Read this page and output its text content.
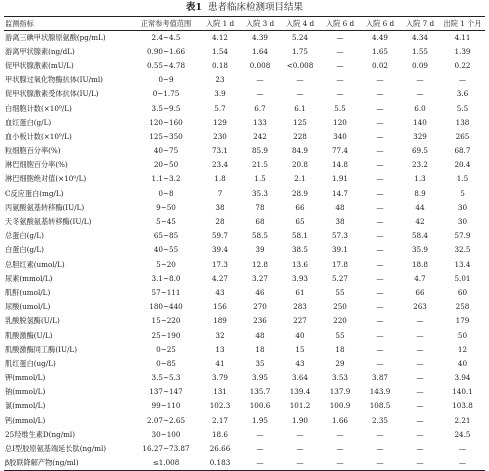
表1 患者临床检测项目结果
监测指标	正常参考值范围	入院 1 d	入院 3 d	入院 4 d	入院 6 d	入院 6 d	入院 7 d	出院 1 个月
游离三碘甲状腺原氨酸(pg/mL)	2.4~4.5	4.12	4.39	5.24	—	4.49	4.34	4.11
游离甲状腺素(ng/dL)	0.90~1.66	1.54	1.64	1.75	—	1.65	1.55	1.39
促甲状腺激素(mU/L)	0.55~4.78	0.18	0.008	<0.008	—	0.02	0.09	0.22
甲状腺过氧化物酶抗体(IU/ml)	0~9	23	—	—	—	—	—	—
促甲状腺激素受体抗体(IU/L)	0~1.75	3.9	—	—	—	—	—	3.6
白细胞计数(×10⁹/L)	3.5~9.5	5.7	6.7	6.1	5.5	—	6.0	5.5
血红蛋白(g/L)	120~160	129	133	125	120	—	140	138
血小板计数(×10⁹/L)	125~350	230	242	228	340	—	329	265
粒细胞百分率(%)	40~75	73.1	85.9	84.9	77.4	—	69.5	68.7
淋巴细胞百分率(%)	20~50	23.4	21.5	20.8	14.8	—	23.2	20.4
淋巴细胞绝对值(×10⁹/L)	1.1~3.2	1.8	1.5	2.1	1.91	—	1.3	1.5
C反应蛋白(mg/L)	0~8	7	35.3	28.9	14.7	—	8.9	5
丙氨酸氨基转移酶(IU/L)	9~50	38	78	66	48	—	44	30
天冬氨酸氨基转移酶(IU/L)	5~45	28	68	65	38	—	42	30
总蛋白(g/L)	65~85	59.7	58.5	58.1	57.3	—	58.4	57.9
白蛋白(g/L)	40~55	39.4	39	38.5	39.1	—	35.9	32.5
总胆红素(umol/L)	5~20	17.3	12.8	13.6	17.8	—	18.8	13.4
尿素(mmol/L)	3.1~8.0	4.27	3.27	3.93	5.27	—	4.7	5.01
肌酐(umol/L)	57~111	43	46	61	55	—	66	60
尿酸(umol/L)	180~440	156	270	283	250	—	263	258
乳酸脱氢酶(U/L)	15~220	189	236	227	220	—	—	179
肌酸激酶(U/L)	25~190	32	48	40	55	—	—	50
肌酸激酶同工酶(IU/L)	0~25	13	18	15	18	—	—	12
肌红蛋白(ug/L)	0~85	41	35	43	29	—	—	40
钾(mmol/L)	3.5~5.3	3.79	3.95	3.64	3.53	3.87	—	3.94
钠(mmol/L)	137~147	131	135.7	139.4	137.9	143.9	—	140.1
氯(mmol/L)	99~110	102.3	100.6	101.2	100.9	108.5	—	103.8
钙(mmol/L)	2.07~2.65	2.17	1.95	1.90	1.66	2.35	—	2.21
25羟维生素D(ng/ml)	30~100	18.6	—	—	—	—	—	24.5
总Ⅰ型胶原氨基端延长肽(ng/ml)	16.27~73.87	26.66	—	—	—	—	—	—
β胶联降解产物(ng/ml)	≤1.008	0.183	—	—	—	—	—	—
